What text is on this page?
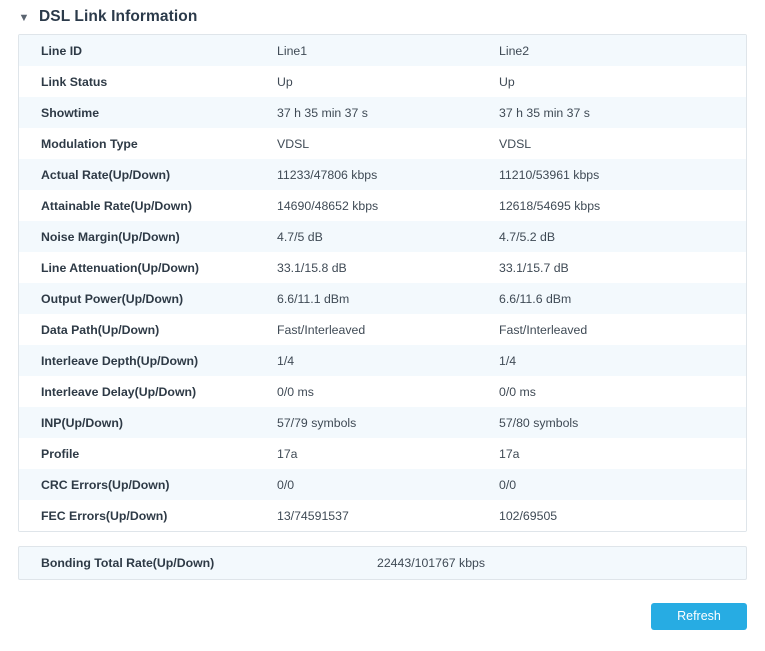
▼ DSL Link Information
Line ID	Line1	Line2
Link Status	Up	Up
Showtime	37 h 35 min 37 s	37 h 35 min 37 s
Modulation Type	VDSL	VDSL
Actual Rate(Up/Down)	11233/47806 kbps	11210/53961 kbps
Attainable Rate(Up/Down)	14690/48652 kbps	12618/54695 kbps
Noise Margin(Up/Down)	4.7/5 dB	4.7/5.2 dB
Line Attenuation(Up/Down)	33.1/15.8 dB	33.1/15.7 dB
Output Power(Up/Down)	6.6/11.1 dBm	6.6/11.6 dBm
Data Path(Up/Down)	Fast/Interleaved	Fast/Interleaved
Interleave Depth(Up/Down)	1/4	1/4
Interleave Delay(Up/Down)	0/0 ms	0/0 ms
INP(Up/Down)	57/79 symbols	57/80 symbols
Profile	17a	17a
CRC Errors(Up/Down)	0/0	0/0
FEC Errors(Up/Down)	13/74591537	102/69505
Bonding Total Rate(Up/Down)	22443/101767 kbps
Refresh
